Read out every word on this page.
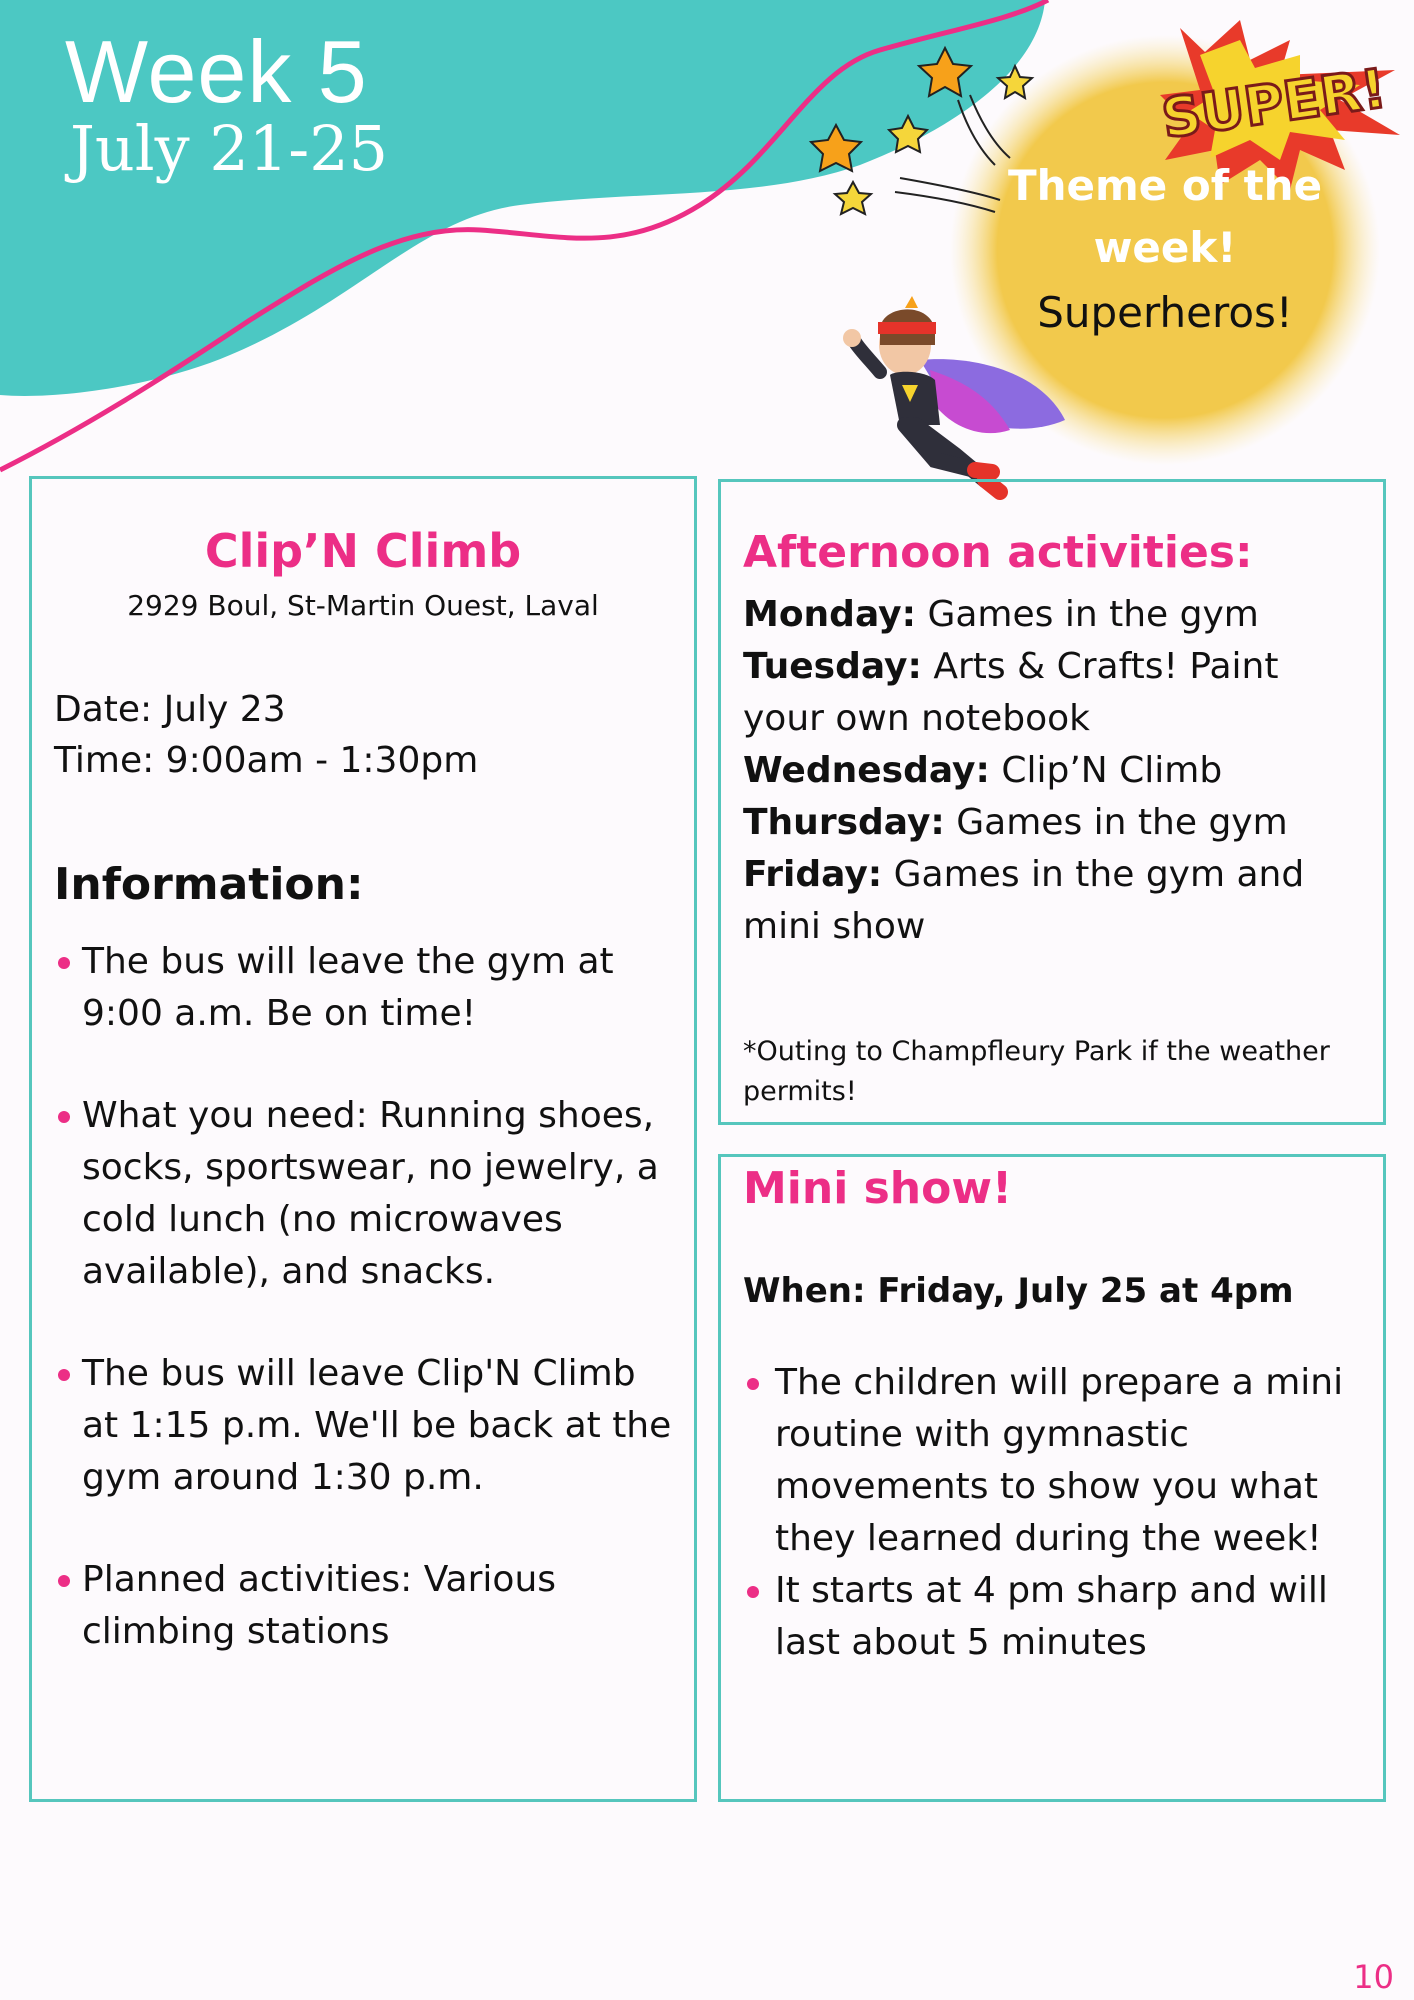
SUPER!
Week 5
July 21-25
Theme of the
week!
Superheros!
Clip’N Climb
2929 Boul, St-Martin Ouest, Laval
Date: July 23
Time: 9:00am - 1:30pm
Information:
The bus will leave the gym at 9:00 a.m. Be on time!
What you need: Running shoes, socks, sportswear, no jewelry, a cold lunch (no microwaves available), and snacks.
The bus will leave Clip'N Climb at 1:15 p.m. We'll be back at the gym around 1:30 p.m.
Planned activities: Various climbing stations
Afternoon activities:
Monday: Games in the gym
Tuesday: Arts & Crafts! Paint your own notebook
Wednesday: Clip’N Climb
Thursday: Games in the gym
Friday: Games in the gym and mini show
*Outing to Champfleury Park if the weather permits!
Mini show!
When: Friday, July 25 at 4pm
The children will prepare a mini routine with gymnastic movements to show you what they learned during the week!
It starts at 4 pm sharp and will last about 5 minutes
10
